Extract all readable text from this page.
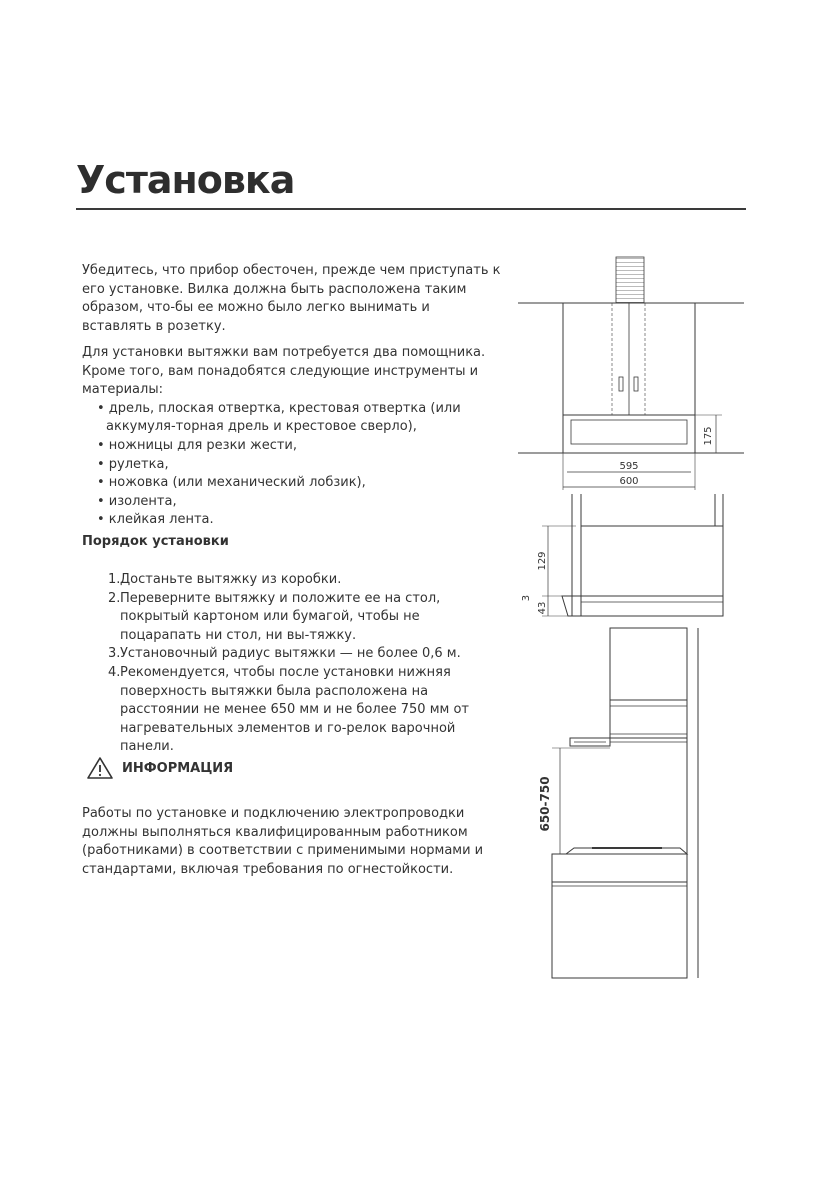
Установка

Убедитесь, что прибор обесточен, прежде чем приступать к его установке. Вилка должна быть расположена таким образом, что-бы ее можно было легко вынимать и вставлять в розетку.

Для установки вытяжки вам потребуется два помощника. Кроме того, вам понадобятся следующие инструменты и материалы:

• дрель, плоская отвертка, крестовая отвертка (или аккумуля-торная дрель и крестовое сверло),
• ножницы для резки жести,
• рулетка,
• ножовка (или механический лобзик),
• изолента,
• клейкая лента.
Порядок установки
1. Достаньте вытяжку из коробки.
2. Переверните вытяжку и положите ее на стол, покрытый картоном или бумагой, чтобы не поцарапать ни стол, ни вы-тяжку.
3. Установочный радиус вытяжки — не более 0,6 м.
4. Рекомендуется, чтобы после установки нижняя поверхность вытяжки была расположена на расстоянии не менее 650 мм и не более 750 мм от нагревательных элементов и го-релок варочной панели.
ИНФОРМАЦИЯ

Работы по установке и подключению электропроводки должны выполняться квалифицированным работником (работниками) в соответствии с применимыми нормами и стандартами, включая требования по огнестойкости.

175
595
600
129
3
43
650-750
